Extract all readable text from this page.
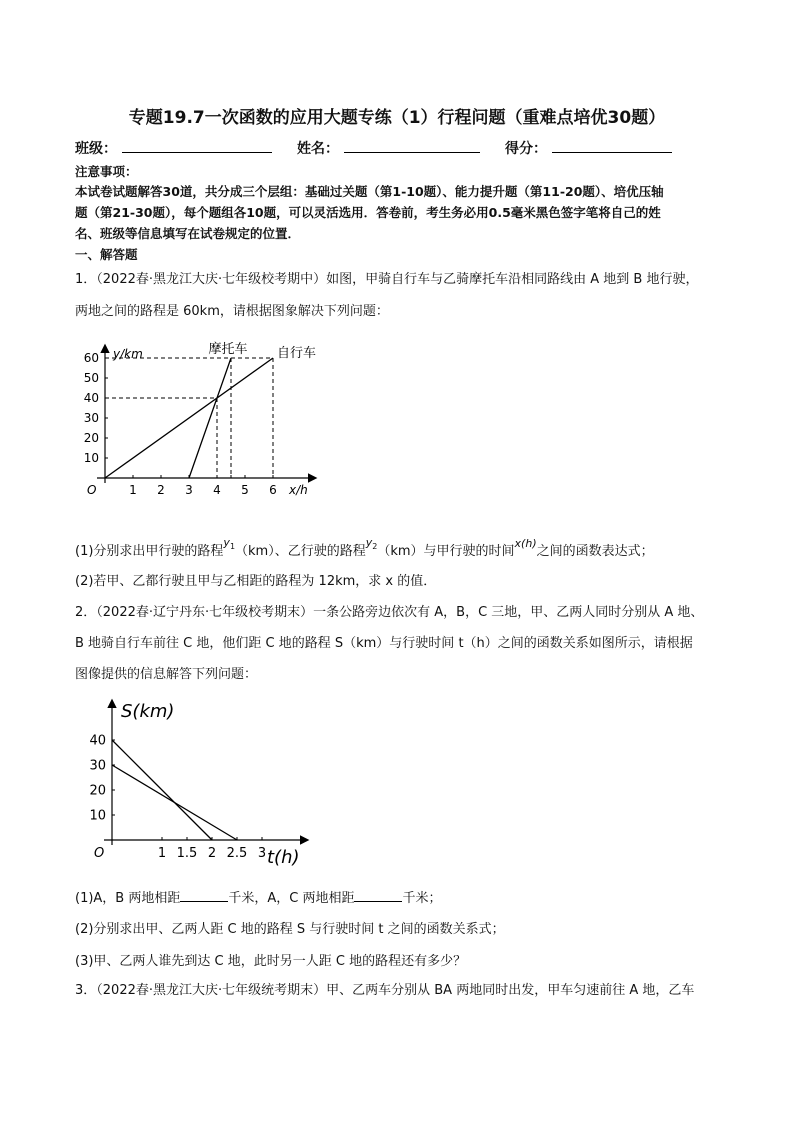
专题19.7一次函数的应用大题专练（1）行程问题（重难点培优30题）
班级：	姓名：	得分：
注意事项：
本试卷试题解答30道，共分成三个层组：基础过关题（第1-10题）、能力提升题（第11-20题）、培优压轴
题（第21-30题），每个题组各10题，可以灵活选用．答卷前，考生务必用0.5毫米黑色签字笔将自己的姓
名、班级等信息填写在试卷规定的位置．
一、解答题
1．（2022春·黑龙江大庆·七年级校考期中）如图，甲骑自行车与乙骑摩托车沿相同路线由 A 地到 B 地行驶，
两地之间的路程是 60km，请根据图象解决下列问题：
O
y/km
x/h
1 2 3 4 5 6
10
20
30
40
50
60	自行车
摩托车
(1)分别求出甲行驶的路程$^{y1}$（km）、乙行驶的路程$^{y2}$（km）与甲行驶的时间$^{x(h)}$之间的函数表达式；
(2)若甲、乙都行驶且甲与乙相距的路程为 12km，求 x 的值．
2．（2022春·辽宁丹东·七年级校考期末）一条公路旁边依次有 A，B，C 三地，甲、乙两人同时分别从 A 地、
B 地骑自行车前往 C 地，他们距 C 地的路程 S（km）与行驶时间 t（h）之间的函数关系如图所示，请根据
图像提供的信息解答下列问题：
O
S(km)
t(h)
1 1.5 2 2.5 3
10
20
30
40
(1)A，B 两地相距	千米，A，C 两地相距	千米；
(2)分别求出甲、乙两人距 C 地的路程 S 与行驶时间 t 之间的函数关系式；
(3)甲、乙两人谁先到达 C 地，此时另一人距 C 地的路程还有多少？
3．（2022春·黑龙江大庆·七年级统考期末）甲、乙两车分别从 BA 两地同时出发，甲车匀速前往 A 地，乙车
